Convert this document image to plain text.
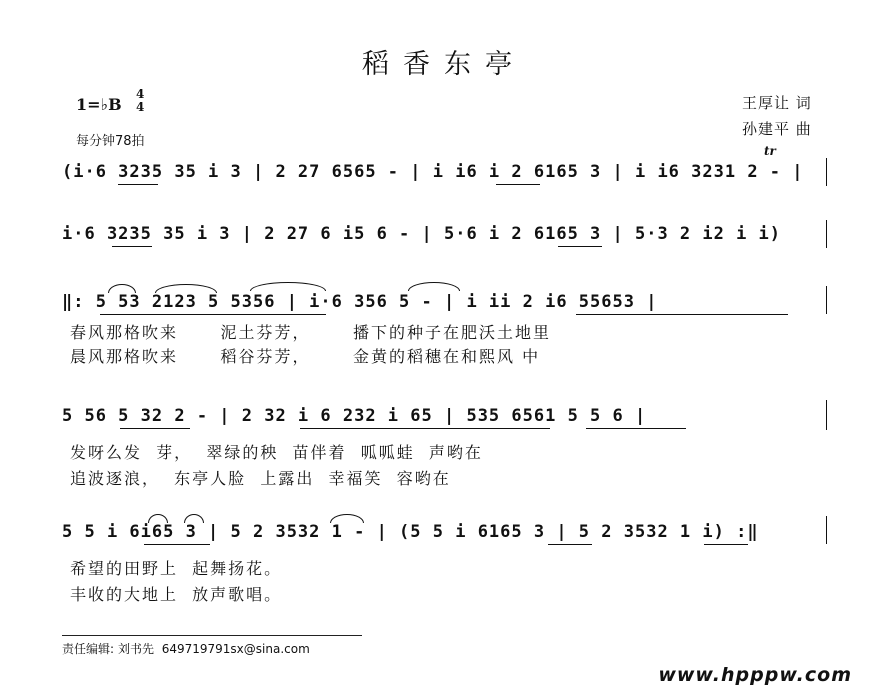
稻香东亭
1=♭B
4
4
每分钟78拍
王厚让 词
孙建平 曲
tr
(i·6 3235 35 i 3 | 2 27 6565 - | i i6 i 2 6165 3 | i i6 3231 2 - |
i·6 3235 35 i 3 | 2 27 6 i5 6 - | 5·6 i 2 6165 3 | 5·3 2 i2 i i)
‖: 5 53 2123 5 5356 | i·6 356 5 - | i ii 2 i6 55653 |
春风那格吹来      泥土芬芳，      播下的种子在肥沃土地里
晨风那格吹来      稻谷芬芳，      金黄的稻穗在和熙风 中
5 56 5 32 2 - | 2 32 i 6 232 i 65 | 535 6561 5 5 6 |
发呀么发  芽，  翠绿的秧  苗伴着  呱呱蛙  声哟在
追波逐浪，  东亭人脸  上露出  幸福笑  容哟在
5 5 i 6i65 3 | 5 2 3532 1 - | (5 5 i 6165 3 | 5 2 3532 1 i) :‖
希望的田野上  起舞扬花。
丰收的大地上  放声歌唱。
责任编辑: 刘书先 649719791sx@sina.com
www.hpppw.com
